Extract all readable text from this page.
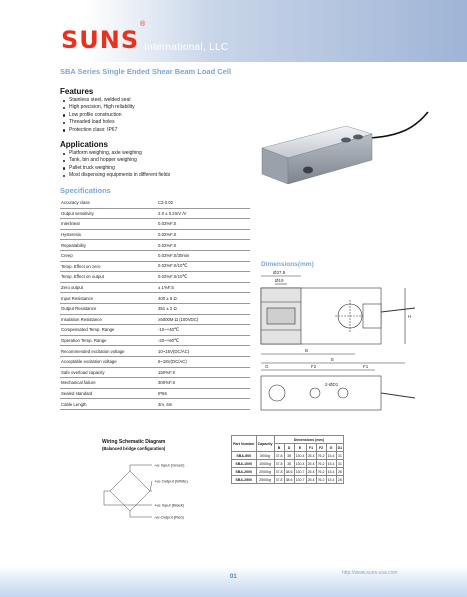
SUNS
®
International, LLC
SBA Series Single Ended Shear Beam Load Cell
Features
Stainless steel, welded seal
High precision, High reliability
Low profile construction
Threaded load holes
Protection class: IP67
Applications
Platform weighing, axle weighing
Tank, bin and hopper weighing
Pallet truck weighing
Most dispensing equipments in different fields
Specifications
Accuracy class	C3 0.02
Output sensitivity	2.0 ± 0.2mV /V
Interlinear	0.02%F.S
Hysteresis	0.02%F.S
Repeatability	0.02%F.S
Creep	0.02%F.S/30min
Temp. Effect on zero	0.02%F.S/10℃
Temp. Effect on output	0.02%F.S/10℃
Zero output	± 1%F.S
Input Resistance	400 ± 5 Ω
Output Resistance	351 ± 2 Ω
Insulation Resistance	≥5000M Ω (100VDC)
Compensated Temp. Range	-10~+40℃
Operation Temp. Range	-20~+60℃
Recommended excitation voltage	10~15V(DC/AC)
Acceptable excitation voltage	6~18V(DC/AC)
Safe overload capacity	150%F.S
Mechanical failure	300%F.S
Sealed standard	IP66
Cable Length	3m, 5m
Dimensions(mm)
Ø37.8
Ø19
H
B
E
G	F2	F1
2-ØD1
Wiring Schematic Diagram
(Balanced bridge configuration)
-ve Input (Green)
+ve Output (White)
+ve Input (Black)
-ve Output (Red)
Part Number	Capacity	Dimensions (mm)						
		B	D	E	F1	F2	G	D1
SBA-500	500kg	37.8	38	130.4	25.4	76.2	15.4	31
SBA-1000	1000kg	37.8	38	130.4	25.4	76.2	15.4	31
SBA-2000	2000kg	37.8	38.6	130.7	25.4	76.2	15.4	26
SBA-2500	2500kg	37.8	38.6	130.7	25.4	76.2	15.4	26
01
http://www.suns-usa.com
